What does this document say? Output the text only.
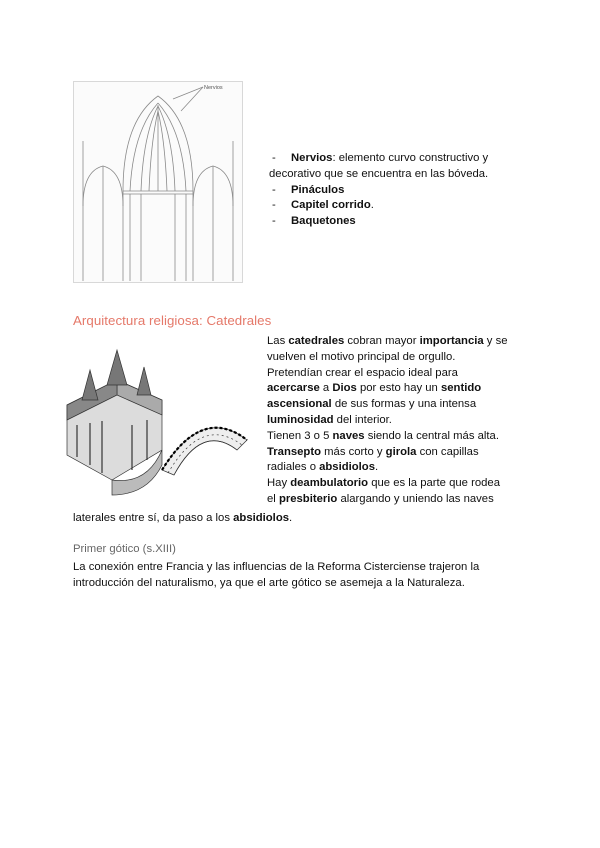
Nervios
- Nervios: elemento curvo constructivo y
decorativo que se encuentra en las bóveda.
- Pináculos
- Capitel corrido.
- Baquetones
Arquitectura religiosa: Catedrales
Las catedrales cobran mayor importancia y se
vuelven el motivo principal de orgullo.
Pretendían crear el espacio ideal para
acercarse a Dios por esto hay un sentido
ascensional de sus formas y una intensa
luminosidad del interior.
Tienen 3 o 5 naves siendo la central más alta.
Transepto más corto y girola con capillas
radiales o absidiolos.
Hay deambulatorio que es la parte que rodea
el presbiterio alargando y uniendo las naves
laterales entre sí, da paso a los absidiolos.
Primer gótico (s.XIII)
La conexión entre Francia y las influencias de la Reforma Cisterciense trajeron la
introducción del naturalismo, ya que el arte gótico se asemeja a la Naturaleza.
